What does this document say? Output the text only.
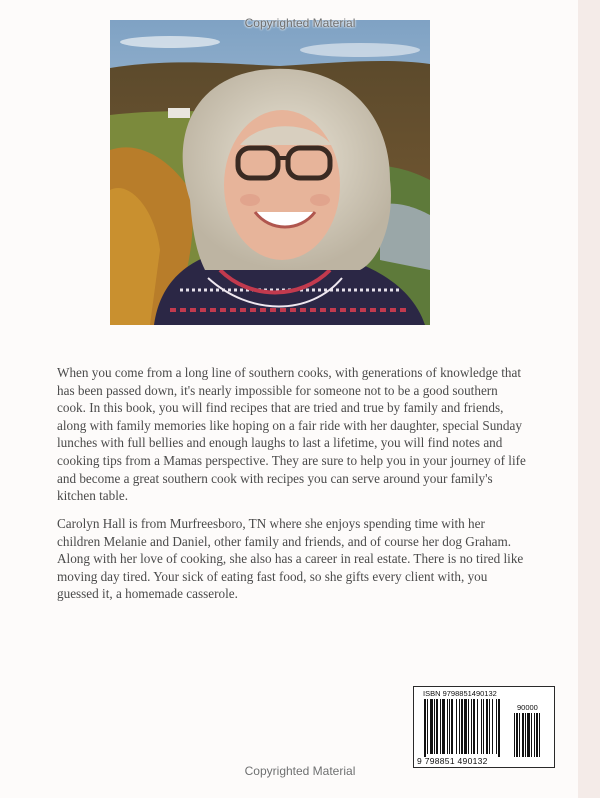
Copyrighted Material

When you come from a long line of southern cooks, with generations of knowledge that has been passed down, it's nearly impossible for someone not to be a good southern cook. In this book, you will find recipes that are tried and true by family and friends, along with family memories like hoping on a fair ride with her daughter, special Sunday lunches with full bellies and enough laughs to last a lifetime, you will find notes and cooking tips from a Mamas perspective. They are sure to help you in your journey of life and become a great southern cook with recipes you can serve around your family's kitchen table.

Carolyn Hall is from Murfreesboro, TN where she enjoys spending time with her children Melanie and Daniel, other family and friends, and of course her dog Graham. Along with her love of cooking, she also has a career in real estate. There is no tired like moving day tired. Your sick of eating fast food, so she gifts every client with, you guessed it, a homemade casserole.

ISBN 9798851490132
90000
9 798851 490132
Copyrighted Material
